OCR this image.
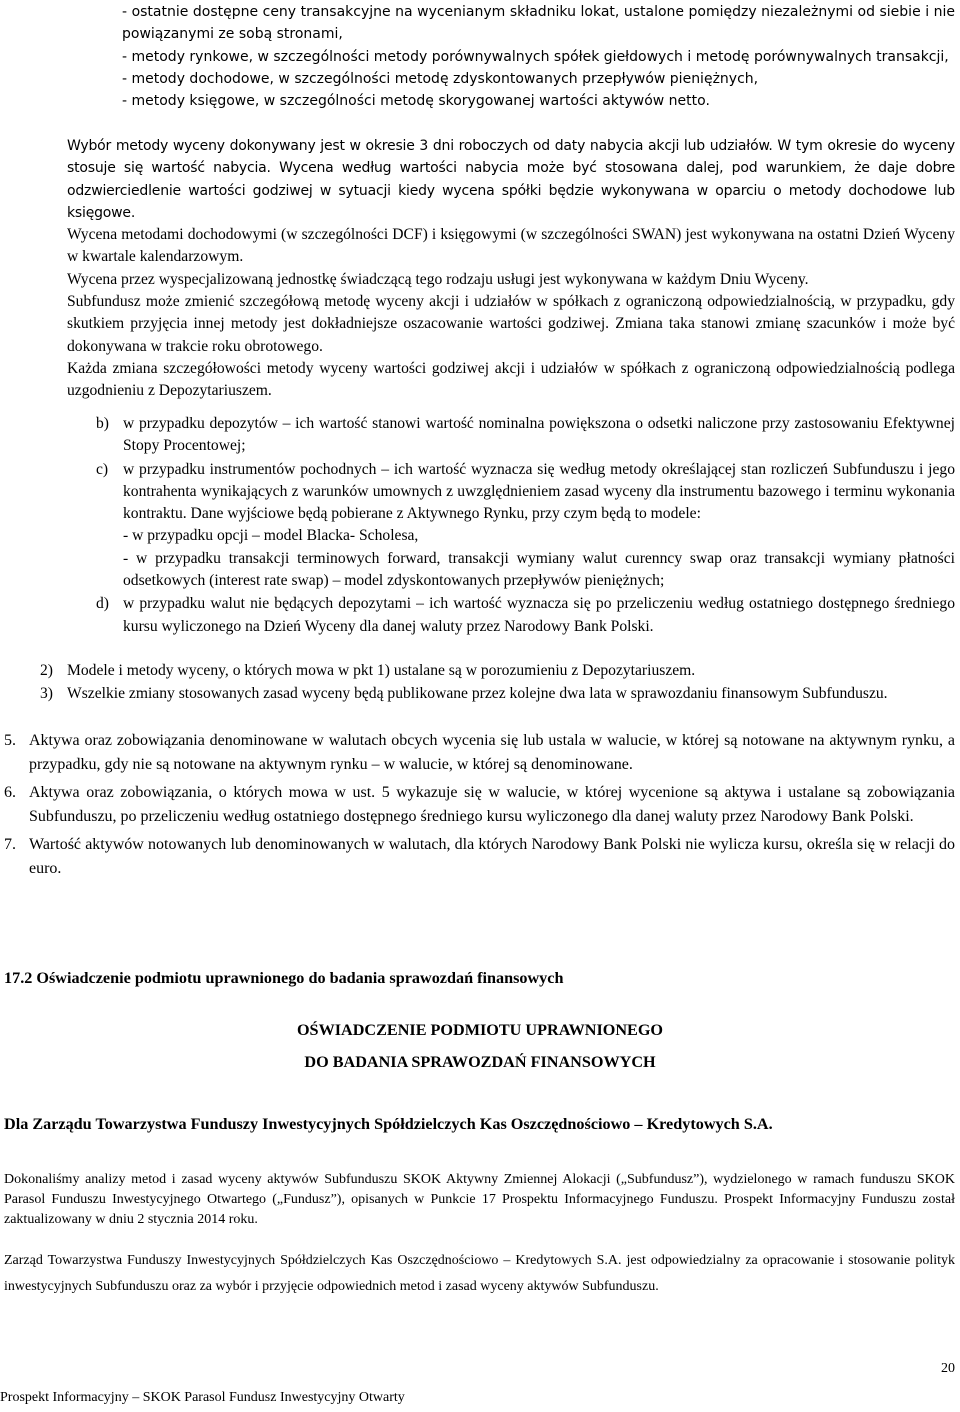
- ostatnie dostępne ceny transakcyjne na wycenianym składniku lokat, ustalone pomiędzy niezależnymi od siebie i nie powiązanymi ze sobą stronami,

- metody rynkowe, w szczególności metody porównywalnych spółek giełdowych i metodę porównywalnych transakcji,

- metody dochodowe, w szczególności metodę zdyskontowanych przepływów pieniężnych,

- metody księgowe, w szczególności metodę skorygowanej wartości aktywów netto.

Wybór metody wyceny dokonywany jest w okresie 3 dni roboczych od daty nabycia akcji lub udziałów. W tym okresie do wyceny stosuje się wartość nabycia. Wycena według wartości nabycia może być stosowana dalej, pod warunkiem, że daje dobre odzwierciedlenie wartości godziwej w sytuacji kiedy wycena spółki będzie wykonywana w oparciu o metody dochodowe lub księgowe.

Wycena metodami dochodowymi (w szczególności DCF) i księgowymi (w szczególności SWAN) jest wykonywana na ostatni Dzień Wyceny w kwartale kalendarzowym.

Wycena przez wyspecjalizowaną jednostkę świadczącą tego rodzaju usługi jest wykonywana w każdym Dniu Wyceny.

Subfundusz może zmienić szczegółową metodę wyceny akcji i udziałów w spółkach z ograniczoną odpowiedzialnością, w przypadku, gdy skutkiem przyjęcia innej metody jest dokładniejsze oszacowanie wartości godziwej. Zmiana taka stanowi zmianę szacunków i może być dokonywana w trakcie roku obrotowego.

Każda zmiana szczegółowości metody wyceny wartości godziwej akcji i udziałów w spółkach z ograniczoną odpowiedzialnością podlega uzgodnieniu z Depozytariuszem.

b) w przypadku depozytów – ich wartość stanowi wartość nominalna powiększona o odsetki naliczone przy zastosowaniu Efektywnej Stopy Procentowej;

c) w przypadku instrumentów pochodnych – ich wartość wyznacza się według metody określającej stan rozliczeń Subfunduszu i jego kontrahenta wynikających z warunków umownych z uwzględnieniem zasad wyceny dla instrumentu bazowego i terminu wykonania kontraktu. Dane wyjściowe będą pobierane z Aktywnego Rynku, przy czym będą to modele:

- w przypadku opcji – model Blacka- Scholesa,

- w przypadku transakcji terminowych forward, transakcji wymiany walut curennсy swap oraz transakcji wymiany płatności odsetkowych (interest rate swap) – model zdyskontowanych przepływów pieniężnych;

d) w przypadku walut nie będących depozytami – ich wartość wyznacza się po przeliczeniu według ostatniego dostępnego średniego kursu wyliczonego na Dzień Wyceny dla danej waluty przez Narodowy Bank Polski.

2) Modele i metody wyceny, o których mowa w pkt 1) ustalane są w porozumieniu z Depozytariuszem.

3) Wszelkie zmiany stosowanych zasad wyceny będą publikowane przez kolejne dwa lata w sprawozdaniu finansowym Subfunduszu.

5. Aktywa oraz zobowiązania denominowane w walutach obcych wycenia się lub ustala w walucie, w której są notowane na aktywnym rynku, a przypadku, gdy nie są notowane na aktywnym rynku – w walucie, w której są denominowane.

6. Aktywa oraz zobowiązania, o których mowa w ust. 5 wykazuje się w walucie, w której wycenione są aktywa i ustalane są zobowiązania Subfunduszu, po przeliczeniu według ostatniego dostępnego średniego kursu wyliczonego dla danej waluty przez Narodowy Bank Polski.

7. Wartość aktywów notowanych lub denominowanych w walutach, dla których Narodowy Bank Polski nie wylicza kursu, określa się w relacji do euro.

17.2 Oświadczenie podmiotu uprawnionego do badania sprawozdań finansowych
OŚWIADCZENIE PODMIOTU UPRAWNIONEGO
DO BADANIA SPRAWOZDAŃ FINANSOWYCH
Dla Zarządu Towarzystwa Funduszy Inwestycyjnych Spółdzielczych Kas Oszczędnościowo – Kredytowych S.A.

Dokonaliśmy analizy metod i zasad wyceny aktywów Subfunduszu SKOK Aktywny Zmiennej Alokacji („Subfundusz”), wydzielonego w ramach funduszu SKOK Parasol Funduszu Inwestycyjnego Otwartego („Fundusz”), opisanych w Punkcie 17 Prospektu Informacyjnego Funduszu. Prospekt Informacyjny Funduszu został zaktualizowany w dniu 2 stycznia 2014 roku.

Zarząd Towarzystwa Funduszy Inwestycyjnych Spółdzielczych Kas Oszczędnościowo – Kredytowych S.A. jest odpowiedzialny za opracowanie i stosowanie polityk inwestycyjnych Subfunduszu oraz za wybór i przyjęcie odpowiednich metod i zasad wyceny aktywów Subfunduszu.

20
Prospekt Informacyjny – SKOK Parasol Fundusz Inwestycyjny Otwarty
